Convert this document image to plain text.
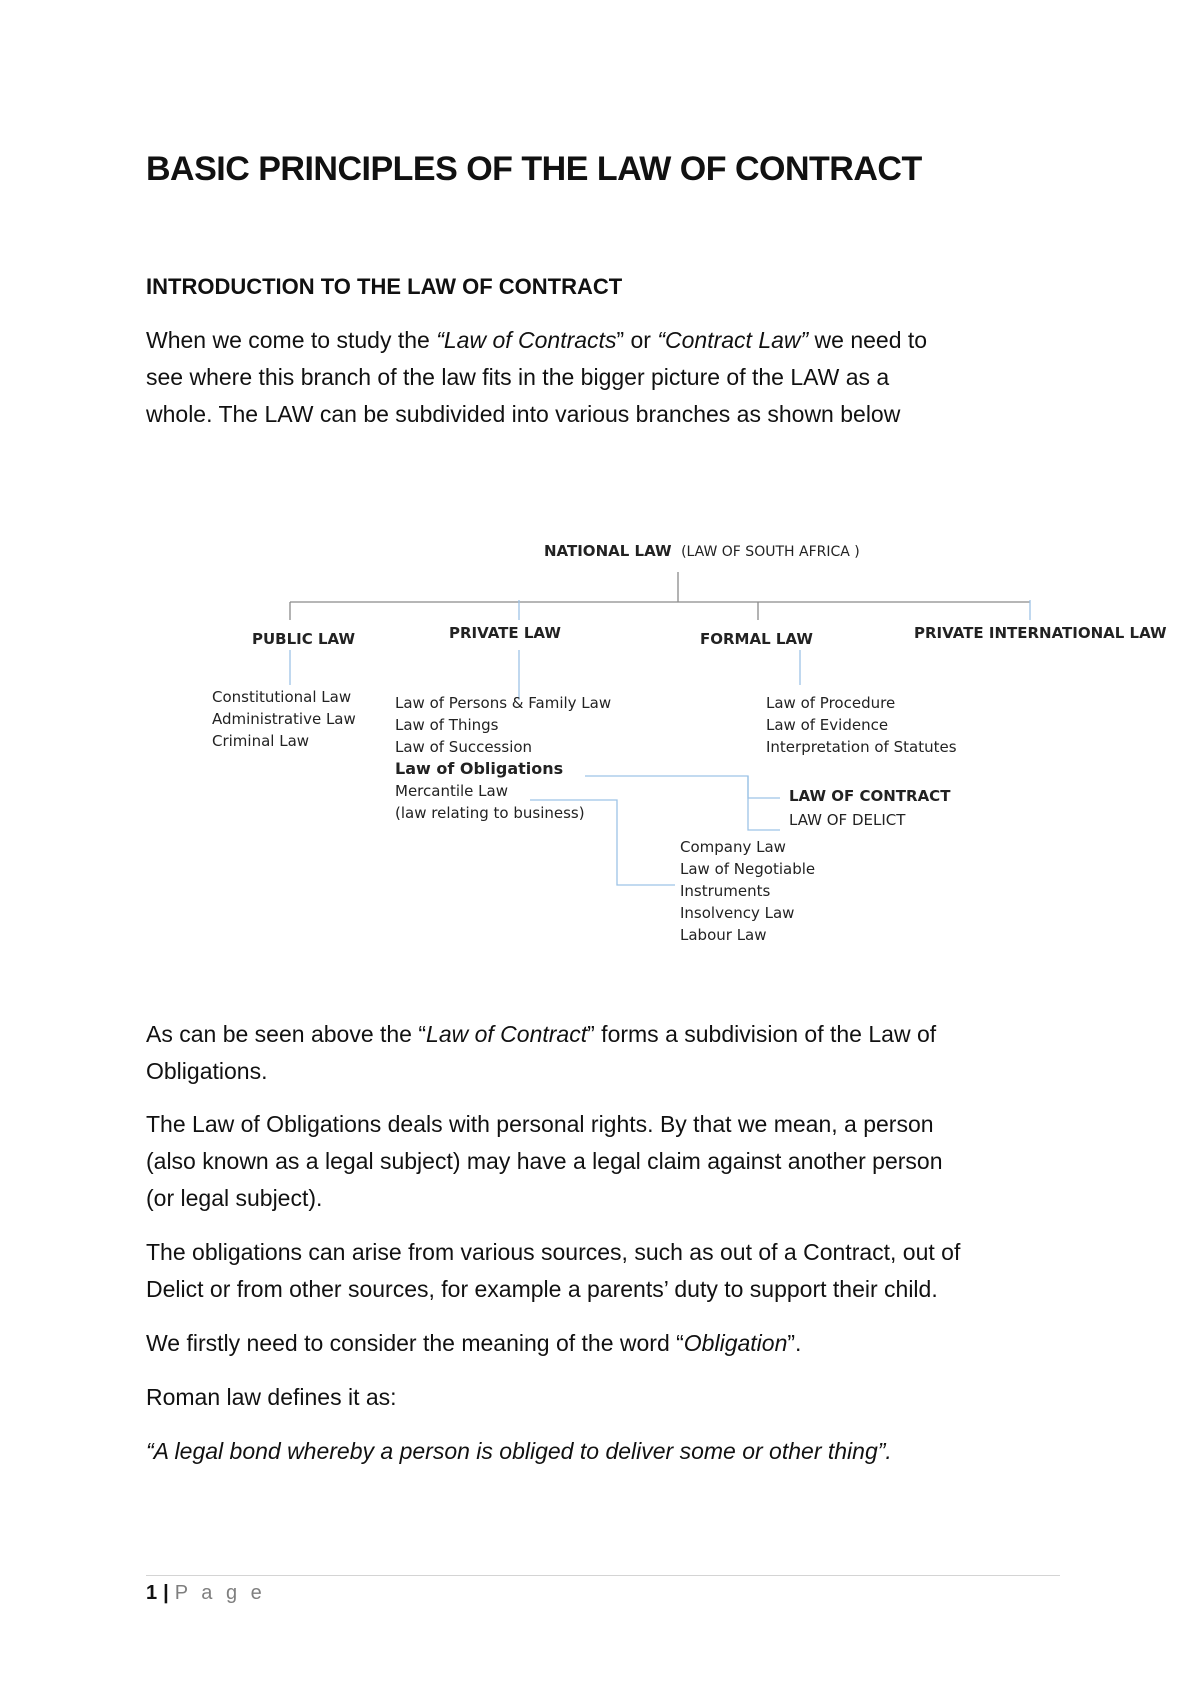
BASIC PRINCIPLES OF THE LAW OF CONTRACT
INTRODUCTION TO THE LAW OF CONTRACT

When we come to study the “Law of Contracts” or “Contract Law” we need to
see where this branch of the law fits in the bigger picture of the LAW as a
whole. The LAW can be subdivided into various branches as shown below

NATIONAL LAW (LAW OF SOUTH AFRICA )
PUBLIC LAW	PRIVATE LAW	FORMAL LAW	PRIVATE INTERNATIONAL LAW
Constitutional Law
Administrative Law
Criminal Law
Law of Persons & Family Law
Law of Things
Law of Succession
Law of Obligations
Mercantile Law
(law relating to business)
Law of Procedure
Law of Evidence
Interpretation of Statutes
LAW OF CONTRACT
LAW OF DELICT
Company Law
Law of Negotiable
Instruments
Insolvency Law
Labour Law

As can be seen above the “Law of Contract” forms a subdivision of the Law of
Obligations.

The Law of Obligations deals with personal rights. By that we mean, a person
(also known as a legal subject) may have a legal claim against another person
(or legal subject).

The obligations can arise from various sources, such as out of a Contract, out of
Delict or from other sources, for example a parents’ duty to support their child.

We firstly need to consider the meaning of the word “Obligation”.

Roman law defines it as:

“A legal bond whereby a person is obliged to deliver some or other thing”.

1 | P a g e
